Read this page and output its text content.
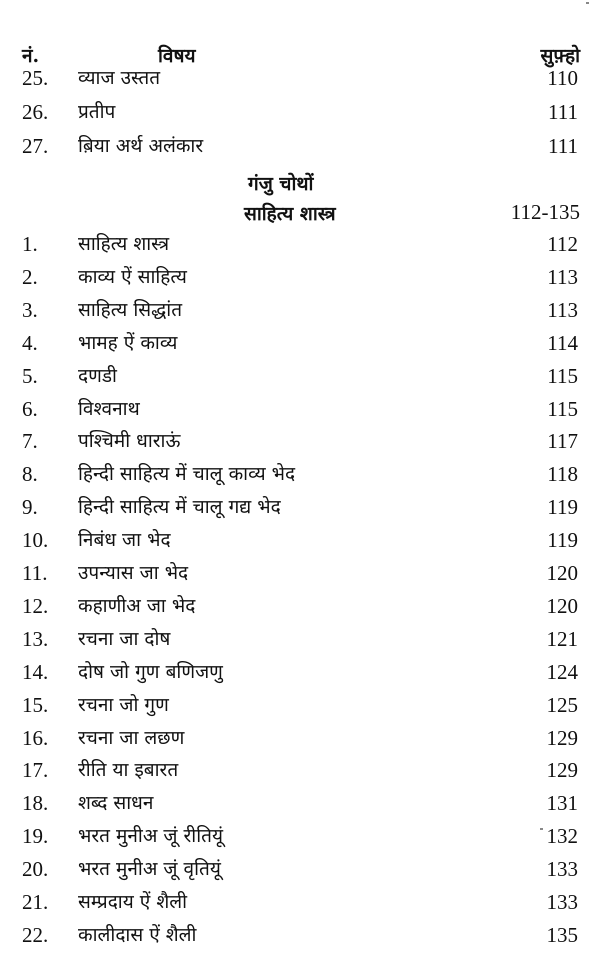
नं.	विषय	सुफ़्हो
25. व्याज उस्तत	110
26. प्रतीप	111
27. ब़िया अर्थ अलंकार	111
गंजु चोथों
साहित्य शास्त्र	112-135
1. साहित्य शास्त्र	112
2. काव्य ऐं साहित्य	113
3. साहित्य सिद्धांत	113
4. भामह ऐं काव्य	114
5. दणडी	115
6. विश्वनाथ	115
7. पश्चिमी धाराऊं	117
8. हिन्दी साहित्य में चालू काव्य भेद	118
9. हिन्दी साहित्य में चालू गद्य भेद	119
10. निबंध जा भेद	119
11. उपन्यास जा भेद	120
12. कहाणीअ जा भेद	120
13. रचना जा दोष	121
14. दोष जो गुण बणिजणु	124
15. रचना जो गुण	125
16. रचना जा लछण	129
17. रीति या इबारत	129
18. शब्द साधन	131
19. भरत मुनीअ जूं रीतियूं	132
20. भरत मुनीअ जूं वृतियूं	133
21. सम्प्रदाय ऐं शैली	133
22. कालीदास ऐं शैली	135
